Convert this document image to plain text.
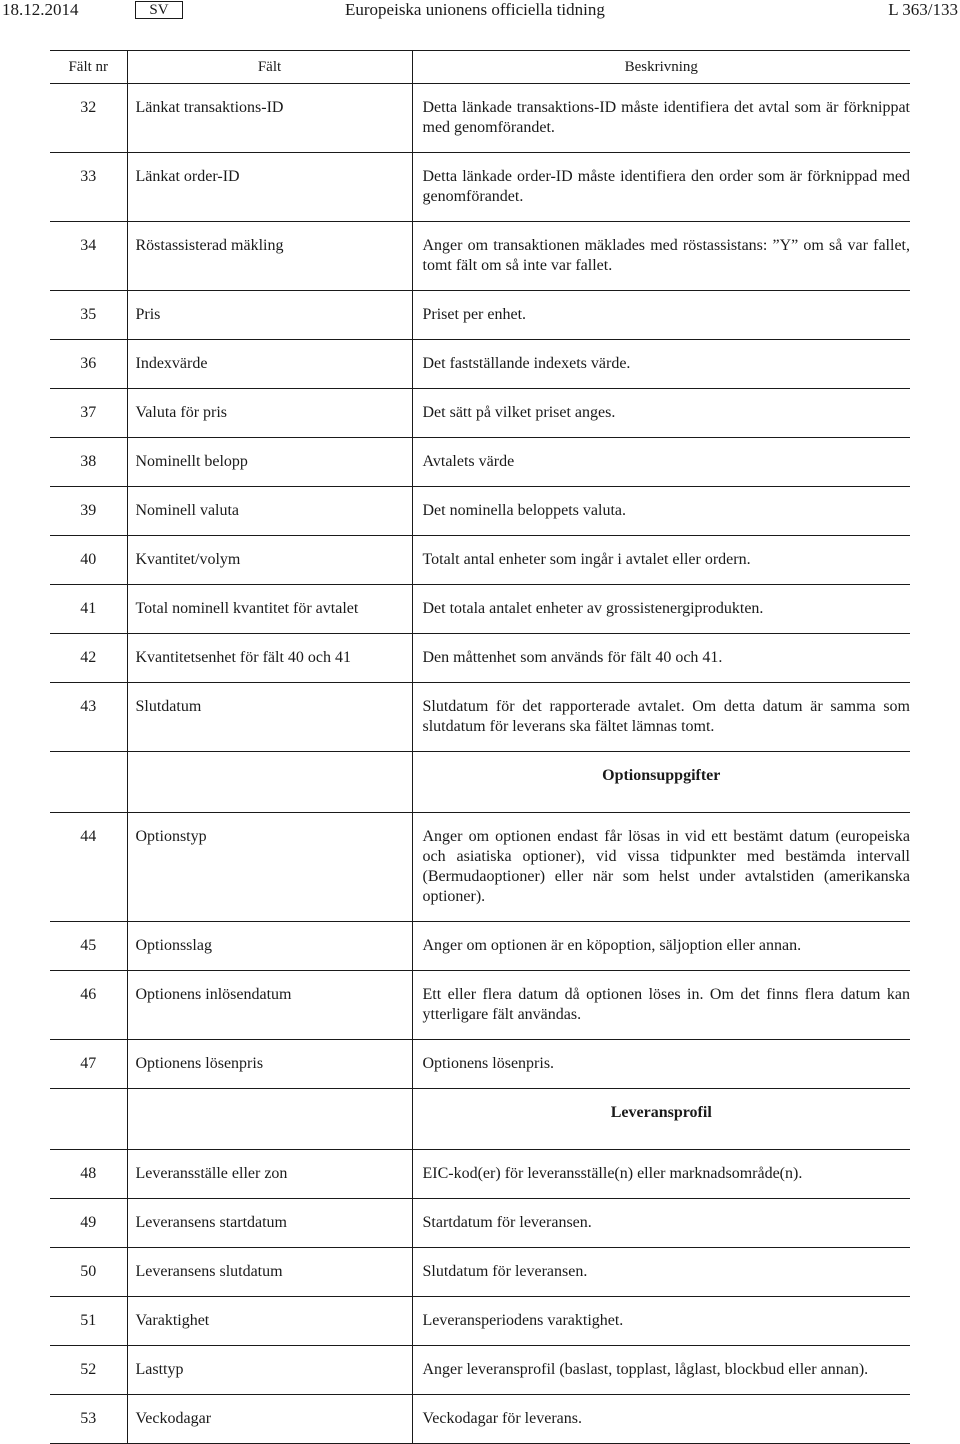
18.12.2014	SV	Europeiska unionens officiella tidning	L 363/133
Fält nr	Fält	Beskrivning
32	Länkat transaktions-ID	Detta länkade transaktions-ID måste identifiera det avtal som är förknippat med genomförandet.
33	Länkat order-ID	Detta länkade order-ID måste identifiera den order som är förknippad med genomförandet.
34	Röstassisterad mäkling	Anger om transaktionen mäklades med röstassistans: ”Y” om så var fallet, tomt fält om så inte var fallet.
35	Pris	Priset per enhet.
36	Indexvärde	Det fastställande indexets värde.
37	Valuta för pris	Det sätt på vilket priset anges.
38	Nominellt belopp	Avtalets värde
39	Nominell valuta	Det nominella beloppets valuta.
40	Kvantitet/volym	Totalt antal enheter som ingår i avtalet eller ordern.
41	Total nominell kvantitet för avtalet	Det totala antalet enheter av grossistenergiprodukten.
42	Kvantitetsenhet för fält 40 och 41	Den måttenhet som används för fält 40 och 41.
43	Slutdatum	Slutdatum för det rapporterade avtalet. Om detta datum är samma som slutdatum för leverans ska fältet lämnas tomt.
		Optionsuppgifter
44	Optionstyp	Anger om optionen endast får lösas in vid ett bestämt datum (europeiska och asiatiska optioner), vid vissa tidpunkter med bestämda intervall (Bermudaoptioner) eller när som helst under avtalstiden (amerikanska optioner).
45	Optionsslag	Anger om optionen är en köpoption, säljoption eller annan.
46	Optionens inlösendatum	Ett eller flera datum då optionen löses in. Om det finns flera datum kan ytterligare fält användas.
47	Optionens lösenpris	Optionens lösenpris.
		Leveransprofil
48	Leveransställe eller zon	EIC-kod(er) för leveransställe(n) eller marknadsområde(n).
49	Leveransens startdatum	Startdatum för leveransen.
50	Leveransens slutdatum	Slutdatum för leveransen.
51	Varaktighet	Leveransperiodens varaktighet.
52	Lasttyp	Anger leveransprofil (baslast, topplast, låglast, blockbud eller annan).
53	Veckodagar	Veckodagar för leverans.
